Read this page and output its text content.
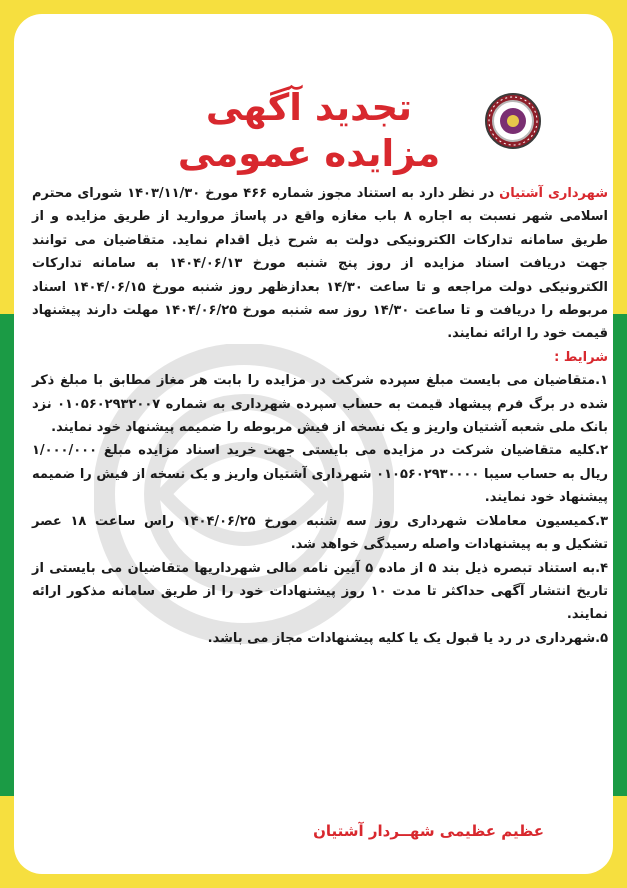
تجدید آگهی
مزایده عمومی

شهرداری آشتیان در نظر دارد به استناد مجوز شماره ۴۶۶ مورخ ۱۴۰۳/۱۱/۳۰ شورای محترم اسلامی شهر نسبت به اجاره ۸ باب مغازه واقع در پاساژ مروارید از طریق مزایده و از طریق سامانه تدارکات الکترونیکی دولت به شرح ذیل اقدام نماید. متقاضیان می توانند جهت دریافت اسناد مزایده از روز پنج شنبه مورخ ۱۴۰۴/۰۶/۱۳ به سامانه تدارکات الکترونیکی دولت مراجعه و تا ساعت ۱۴/۳۰ بعدازظهر روز شنبه مورخ ۱۴۰۴/۰۶/۱۵ اسناد مربوطه را دریافت و تا ساعت ۱۴/۳۰ روز سه شنبه مورخ ۱۴۰۴/۰۶/۲۵ مهلت دارند پیشنهاد قیمت خود را ارائه نمایند.

شرایط :

۱.متقاضیان می بایست مبلغ سپرده شرکت در مزایده را بابت هر مغاز مطابق با مبلغ ذکر شده در برگ فرم پیشهاد قیمت به حساب سپرده شهرداری به شماره ۰۱۰۵۶۰۲۹۳۲۰۰۷ نزد بانک ملی شعبه آشتیان واریز و یک نسخه از فیش مربوطه را ضمیمه پیشنهاد خود نمایند.

۲.کلیه متقاضیان شرکت در مزایده می بایستی جهت خرید اسناد مزایده مبلغ ۱/۰۰۰/۰۰۰ ریال به حساب سیبا ۰۱۰۵۶۰۲۹۳۰۰۰۰ شهرداری آشتیان واریز و یک نسخه از فیش را ضمیمه پیشنهاد خود نمایند.

۳.کمیسیون معاملات شهرداری روز سه شنبه مورخ ۱۴۰۴/۰۶/۲۵ راس ساعت ۱۸ عصر تشکیل و به پیشنهادات واصله رسیدگی خواهد شد.

۴.به استناد تبصره ذیل بند ۵ از ماده ۵ آیین نامه مالی شهرداریها متقاضیان می بایستی از تاریخ انتشار آگهی حداکثر تا مدت ۱۰ روز پیشنهادات خود را از طریق سامانه مذکور ارائه نمایند.

۵.شهرداری در رد یا قبول یک یا کلیه پیشنهادات مجاز می باشد.

عظیم عظیمی شهــردار آشتیان
